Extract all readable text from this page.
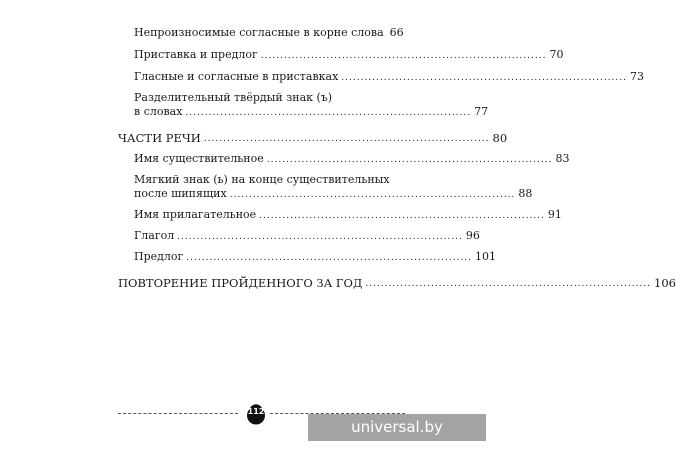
Непроизносимые согласные в корне слова 66
Приставка и предлог .......................................................................... 70
Гласные и согласные в приставках .......................................................................... 73
Разделительный твёрдый знак (ъ)
в словах .......................................................................... 77
ЧАСТИ РЕЧИ .......................................................................... 80
Имя существительное .......................................................................... 83
Мягкий знак (ь) на конце существительных
после шипящих .......................................................................... 88
Имя прилагательное .......................................................................... 91
Глагол .......................................................................... 96
Предлог .......................................................................... 101
ПОВТОРЕНИЕ ПРОЙДЕННОГО ЗА ГОД .......................................................................... 106
112
universal.by
